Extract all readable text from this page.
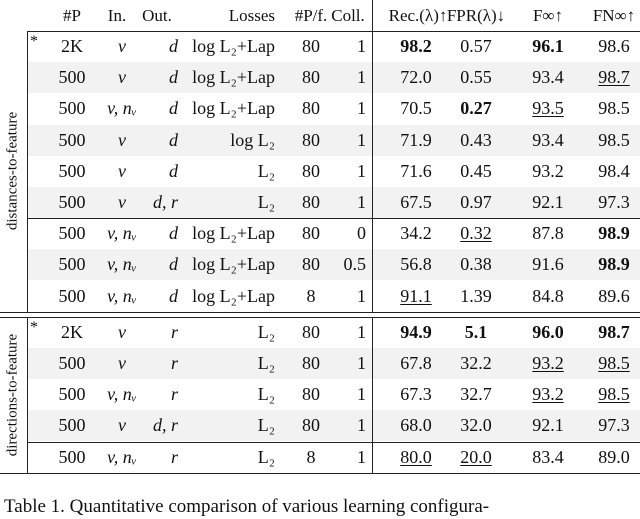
#P In. Out.	Losses #P/f. Coll. Rec.(λ)↑ FPR(λ)↓ F∞↑ FN∞↑
* 2K v d log L₂+Lap 80 1 98.2 0.57 96.1 98.6
500 v d log L₂+Lap 80 1 72.0 0.55 93.4 98.7
500 v, nᵥ d log L₂+Lap 80 1 70.5 0.27 93.5 98.5
500 v d	log L₂ 80 1 71.9 0.43 93.4 98.5
500 v d	L₂ 80 1 71.6 0.45 93.2 98.4
500 v d, r	L₂ 80 1 67.5 0.97 92.1 97.3
500 v, nᵥ d log L₂+Lap 80 0 34.2 0.32 87.8 98.9
500 v, nᵥ d log L₂+Lap 80 0.5 56.8 0.38 91.6 98.9
500 v, nᵥ d log L₂+Lap 8 1 91.1 1.39 84.8 89.6
distances-to-feature
* 2K v r	L₂ 80 1 94.9 5.1	96.0 98.7
500 v r	L₂ 80 1 67.8 32.2 93.2 98.5
500 v, nᵥ r	L₂ 80 1 67.3 32.7 93.2 98.5
500 v d, r	L₂ 80 1 68.0 32.0 92.1 97.3
500 v, nᵥ r	L₂ 8 1 80.0 20.0 83.4 89.0
directions-to-feature
Table 1. Quantitative comparison of various learning configura-
